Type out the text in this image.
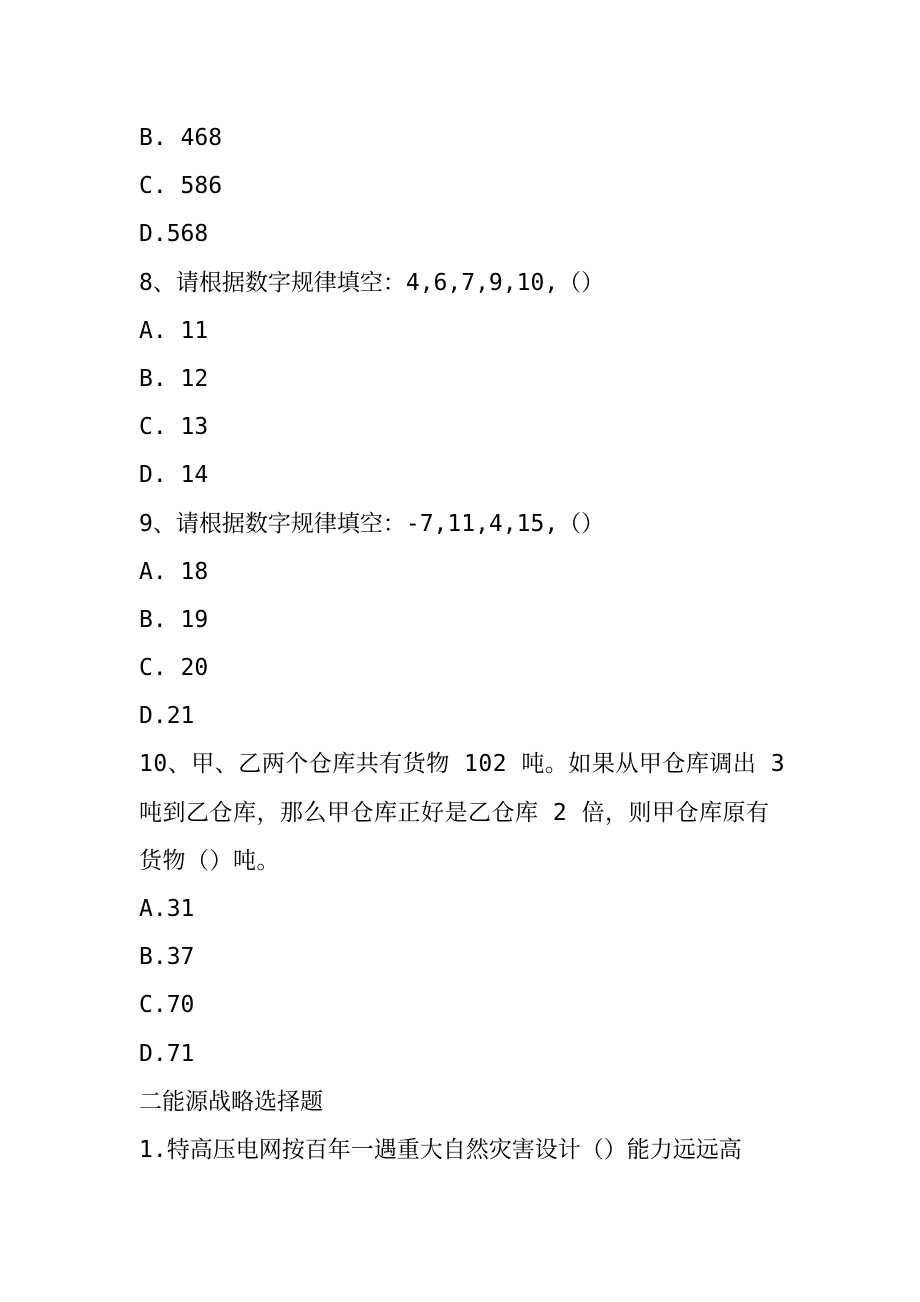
B. 468
C. 586
D.568
8、请根据数字规律填空：4,6,7,9,10,（）
A. 11
B. 12
C. 13
D. 14
9、请根据数字规律填空：-7,11,4,15,（）
A. 18
B. 19
C. 20
D.21
10、甲、乙两个仓库共有货物 102 吨。如果从甲仓库调出 3
吨到乙仓库，那么甲仓库正好是乙仓库 2 倍，则甲仓库原有
货物（）吨。
A.31
B.37
C.70
D.71
二能源战略选择题
1.特高压电网按百年一遇重大自然灾害设计（）能力远远高
